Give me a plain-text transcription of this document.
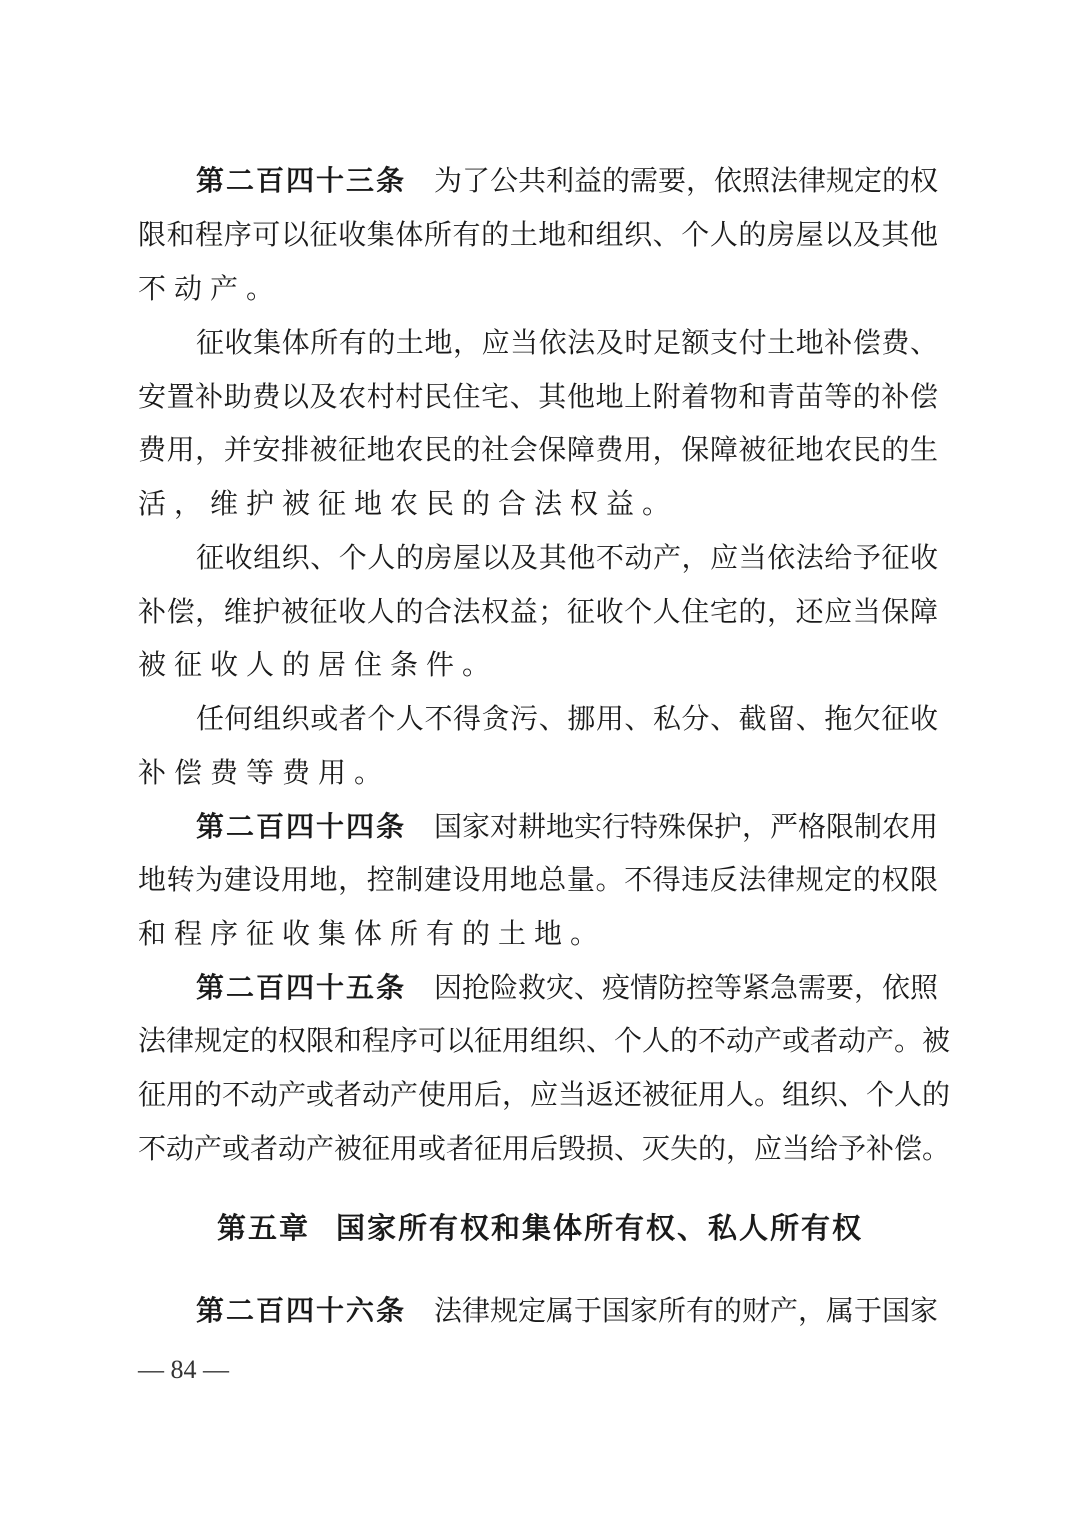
第二百四十三条 为了公共利益的需要，依照法律规定的权
限和程序可以征收集体所有的土地和组织、个人的房屋以及其他
不动产。
征收集体所有的土地，应当依法及时足额支付土地补偿费、
安置补助费以及农村村民住宅、其他地上附着物和青苗等的补偿
费用，并安排被征地农民的社会保障费用，保障被征地农民的生
活，维护被征地农民的合法权益。
征收组织、个人的房屋以及其他不动产，应当依法给予征收
补偿，维护被征收人的合法权益；征收个人住宅的，还应当保障
被征收人的居住条件。
任何组织或者个人不得贪污、挪用、私分、截留、拖欠征收
补偿费等费用。
第二百四十四条 国家对耕地实行特殊保护，严格限制农用
地转为建设用地，控制建设用地总量。不得违反法律规定的权限
和程序征收集体所有的土地。
第二百四十五条 因抢险救灾、疫情防控等紧急需要，依照
法律规定的权限和程序可以征用组织、个人的不动产或者动产。被
征用的不动产或者动产使用后，应当返还被征用人。组织、个人的
不动产或者动产被征用或者征用后毁损、灭失的，应当给予补偿。
第五章 国家所有权和集体所有权、私人所有权
第二百四十六条 法律规定属于国家所有的财产，属于国家
— 84 —
